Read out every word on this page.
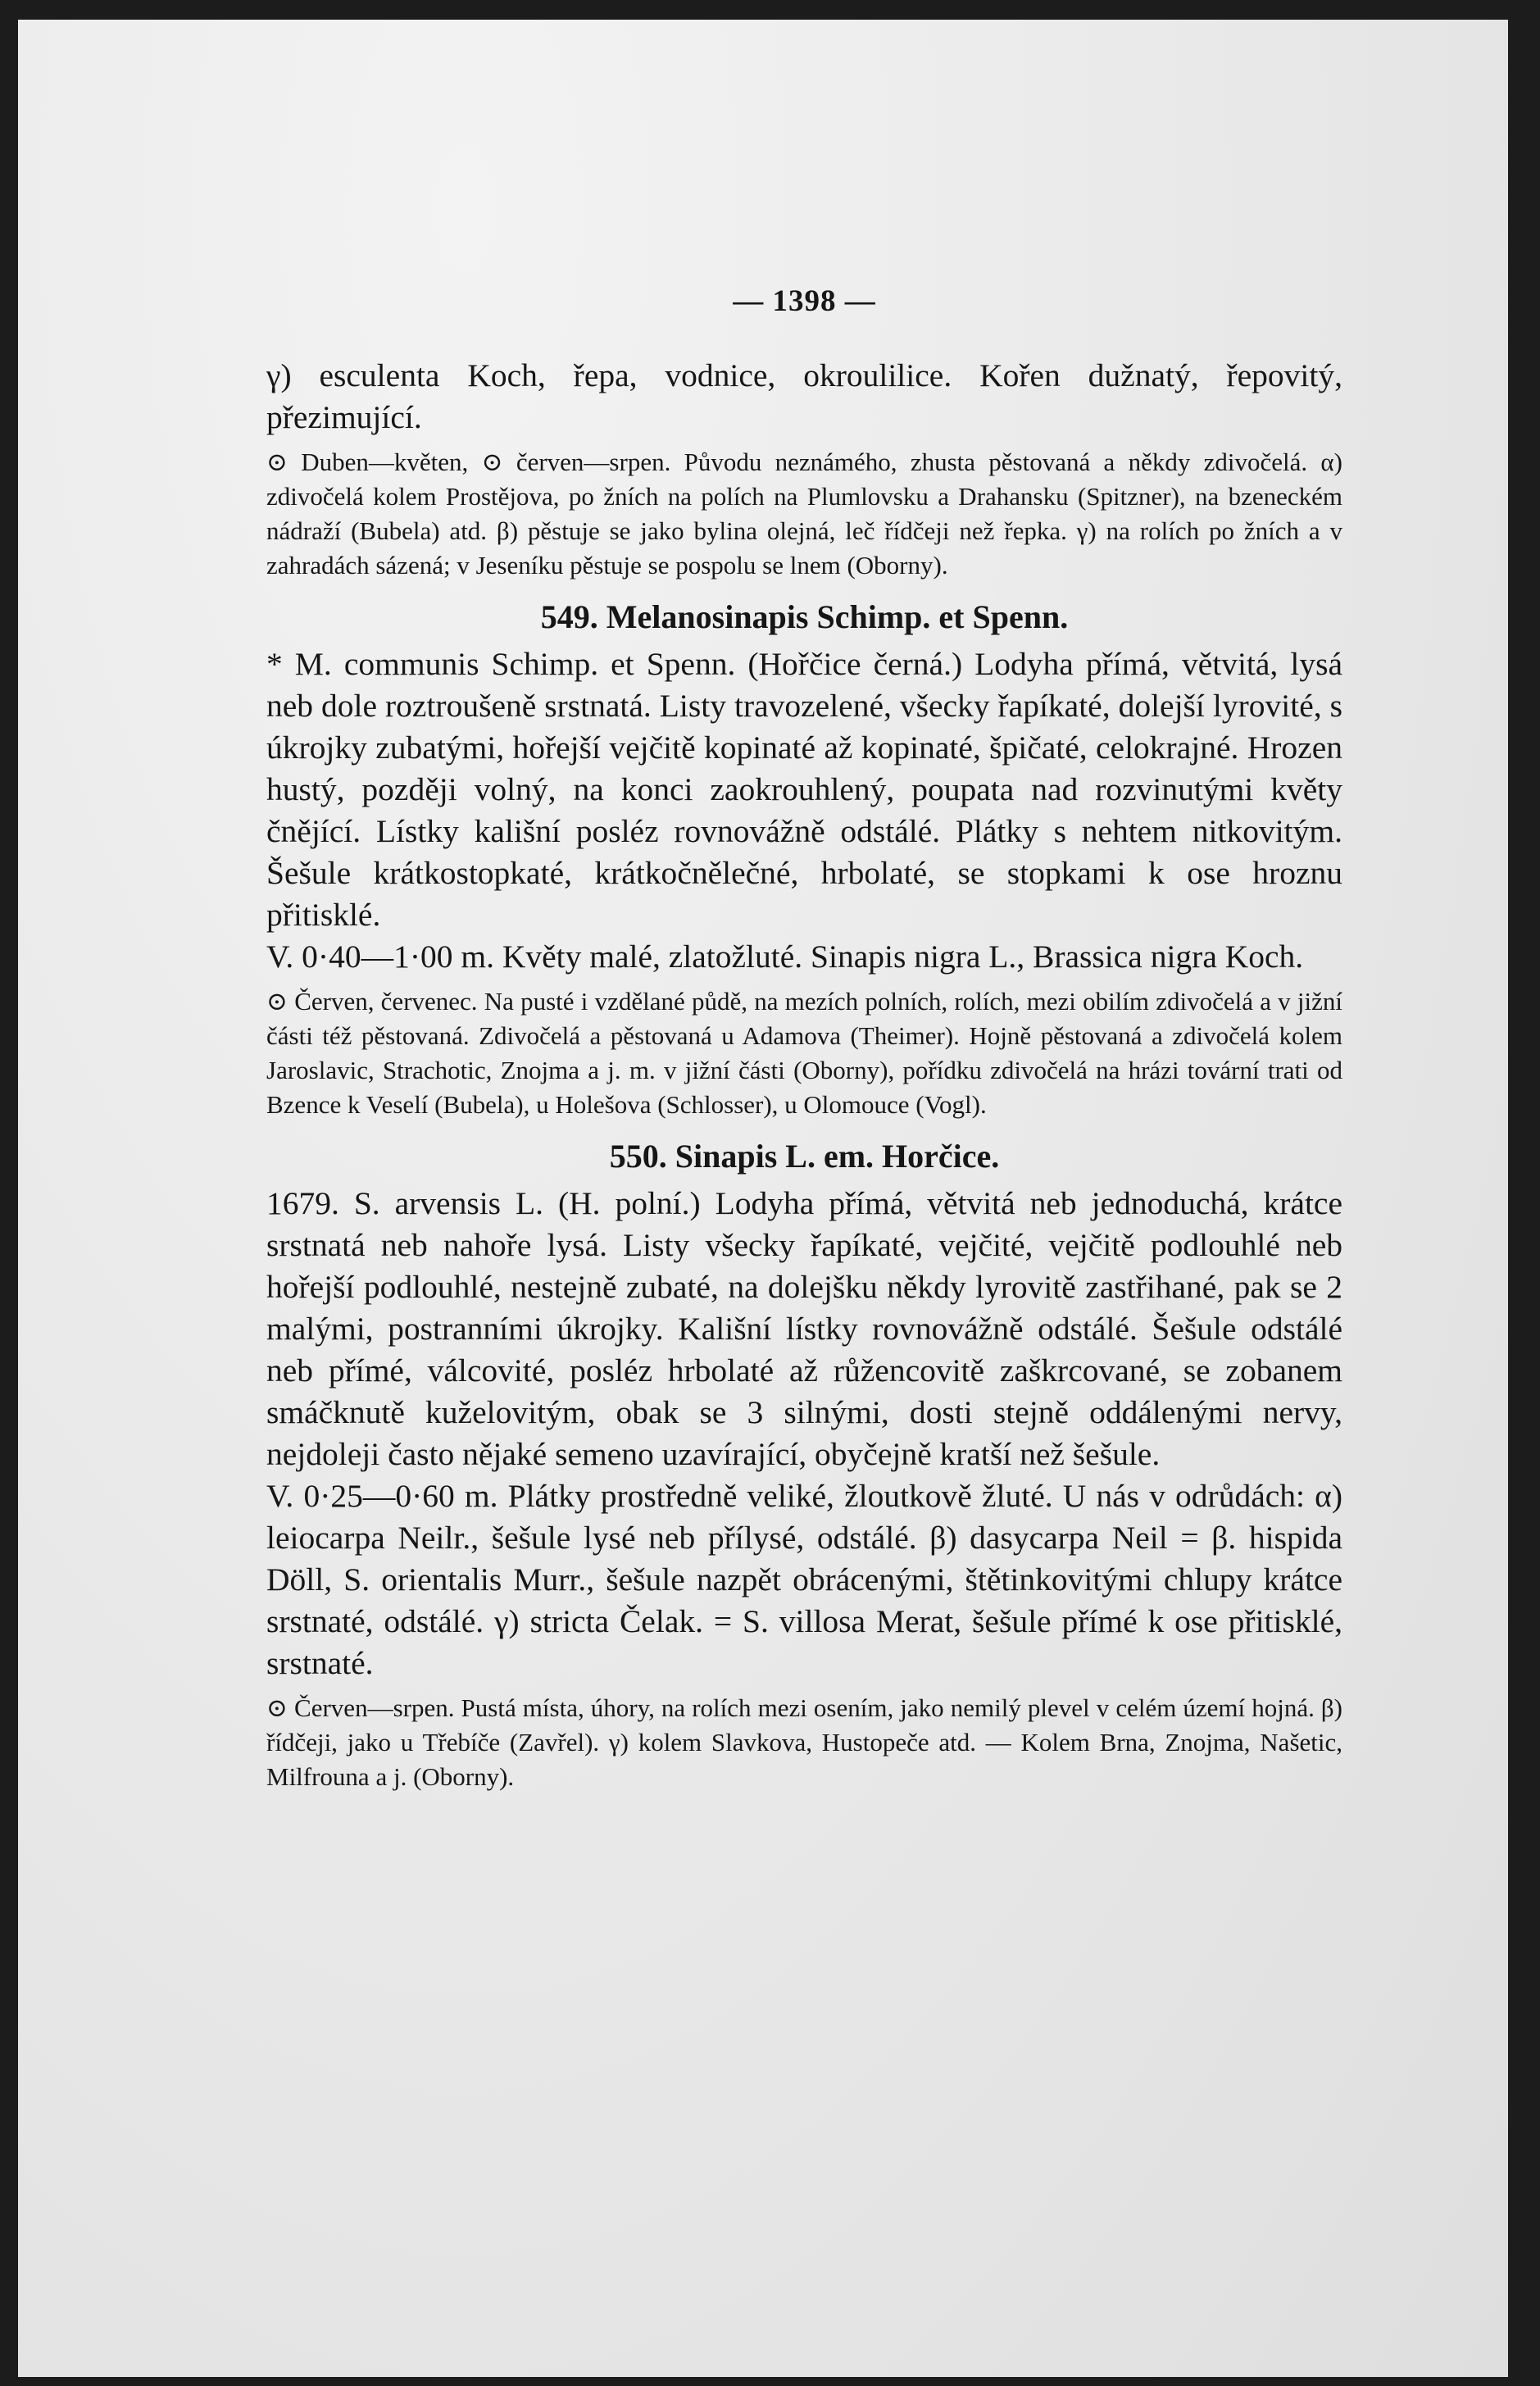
— 1398 —

γ) esculenta Koch, řepa, vodnice, okroulilice. Kořen dužnatý, řepovitý, přezimující.

⊙ Duben—květen, ⊙ červen—srpen. Původu neznámého, zhusta pěstovaná a někdy zdivočelá. α) zdivočelá kolem Prostějova, po žních na polích na Plumlovsku a Drahansku (Spitzner), na bzeneckém nádraží (Bubela) atd. β) pěstuje se jako bylina olejná, leč řídčeji než řepka. γ) na rolích po žních a v zahradách sázená; v Jeseníku pěstuje se pospolu se lnem (Oborny).

549. Melanosinapis Schimp. et Spenn.

* M. communis Schimp. et Spenn. (Hořčice černá.) Lodyha přímá, větvitá, lysá neb dole roztroušeně srstnatá. Listy travozelené, všecky řapíkaté, dolejší lyrovité, s úkrojky zubatými, hořejší vejčitě kopinaté až kopinaté, špičaté, celokrajné. Hrozen hustý, později volný, na konci zaokrouhlený, poupata nad rozvinutými květy čnějící. Lístky kališní posléz rovnovážně odstálé. Plátky s nehtem nitkovitým. Šešule krátkostopkaté, krátkočnělečné, hrbolaté, se stopkami k ose hroznu přitisklé.

V. 0·40—1·00 m. Květy malé, zlatožluté. Sinapis nigra L., Brassica nigra Koch.

⊙ Červen, červenec. Na pusté i vzdělané půdě, na mezích polních, rolích, mezi obilím zdivočelá a v jižní části též pěstovaná. Zdivočelá a pěstovaná u Adamova (Theimer). Hojně pěstovaná a zdivočelá kolem Jaroslavic, Strachotic, Znojma a j. m. v jižní části (Oborny), pořídku zdivočelá na hrázi tovární trati od Bzence k Veselí (Bubela), u Holešova (Schlosser), u Olomouce (Vogl).

550. Sinapis L. em. Horčice.

1679. S. arvensis L. (H. polní.) Lodyha přímá, větvitá neb jednoduchá, krátce srstnatá neb nahoře lysá. Listy všecky řapíkaté, vejčité, vejčitě podlouhlé neb hořejší podlouhlé, nestejně zubaté, na dolejšku někdy lyrovitě zastřihané, pak se 2 malými, postranními úkrojky. Kališní lístky rovnovážně odstálé. Šešule odstálé neb přímé, válcovité, posléz hrbolaté až růžencovitě zaškrcované, se zobanem smáčknutě kuželovitým, obak se 3 silnými, dosti stejně oddálenými nervy, nejdoleji často nějaké semeno uzavírající, obyčejně kratší než šešule.

V. 0·25—0·60 m. Plátky prostředně veliké, žloutkově žluté. U nás v odrůdách: α) leiocarpa Neilr., šešule lysé neb přílysé, odstálé. β) dasycarpa Neil = β. hispida Döll, S. orientalis Murr., šešule nazpět obrácenými, štětinkovitými chlupy krátce srstnaté, odstálé. γ) stricta Čelak. = S. villosa Merat, šešule přímé k ose přitisklé, srstnaté.

⊙ Červen—srpen. Pustá místa, úhory, na rolích mezi osením, jako nemilý plevel v celém území hojná. β) řídčeji, jako u Třebíče (Zavřel). γ) kolem Slavkova, Hustopeče atd. — Kolem Brna, Znojma, Našetic, Milfrouna a j. (Oborny).
